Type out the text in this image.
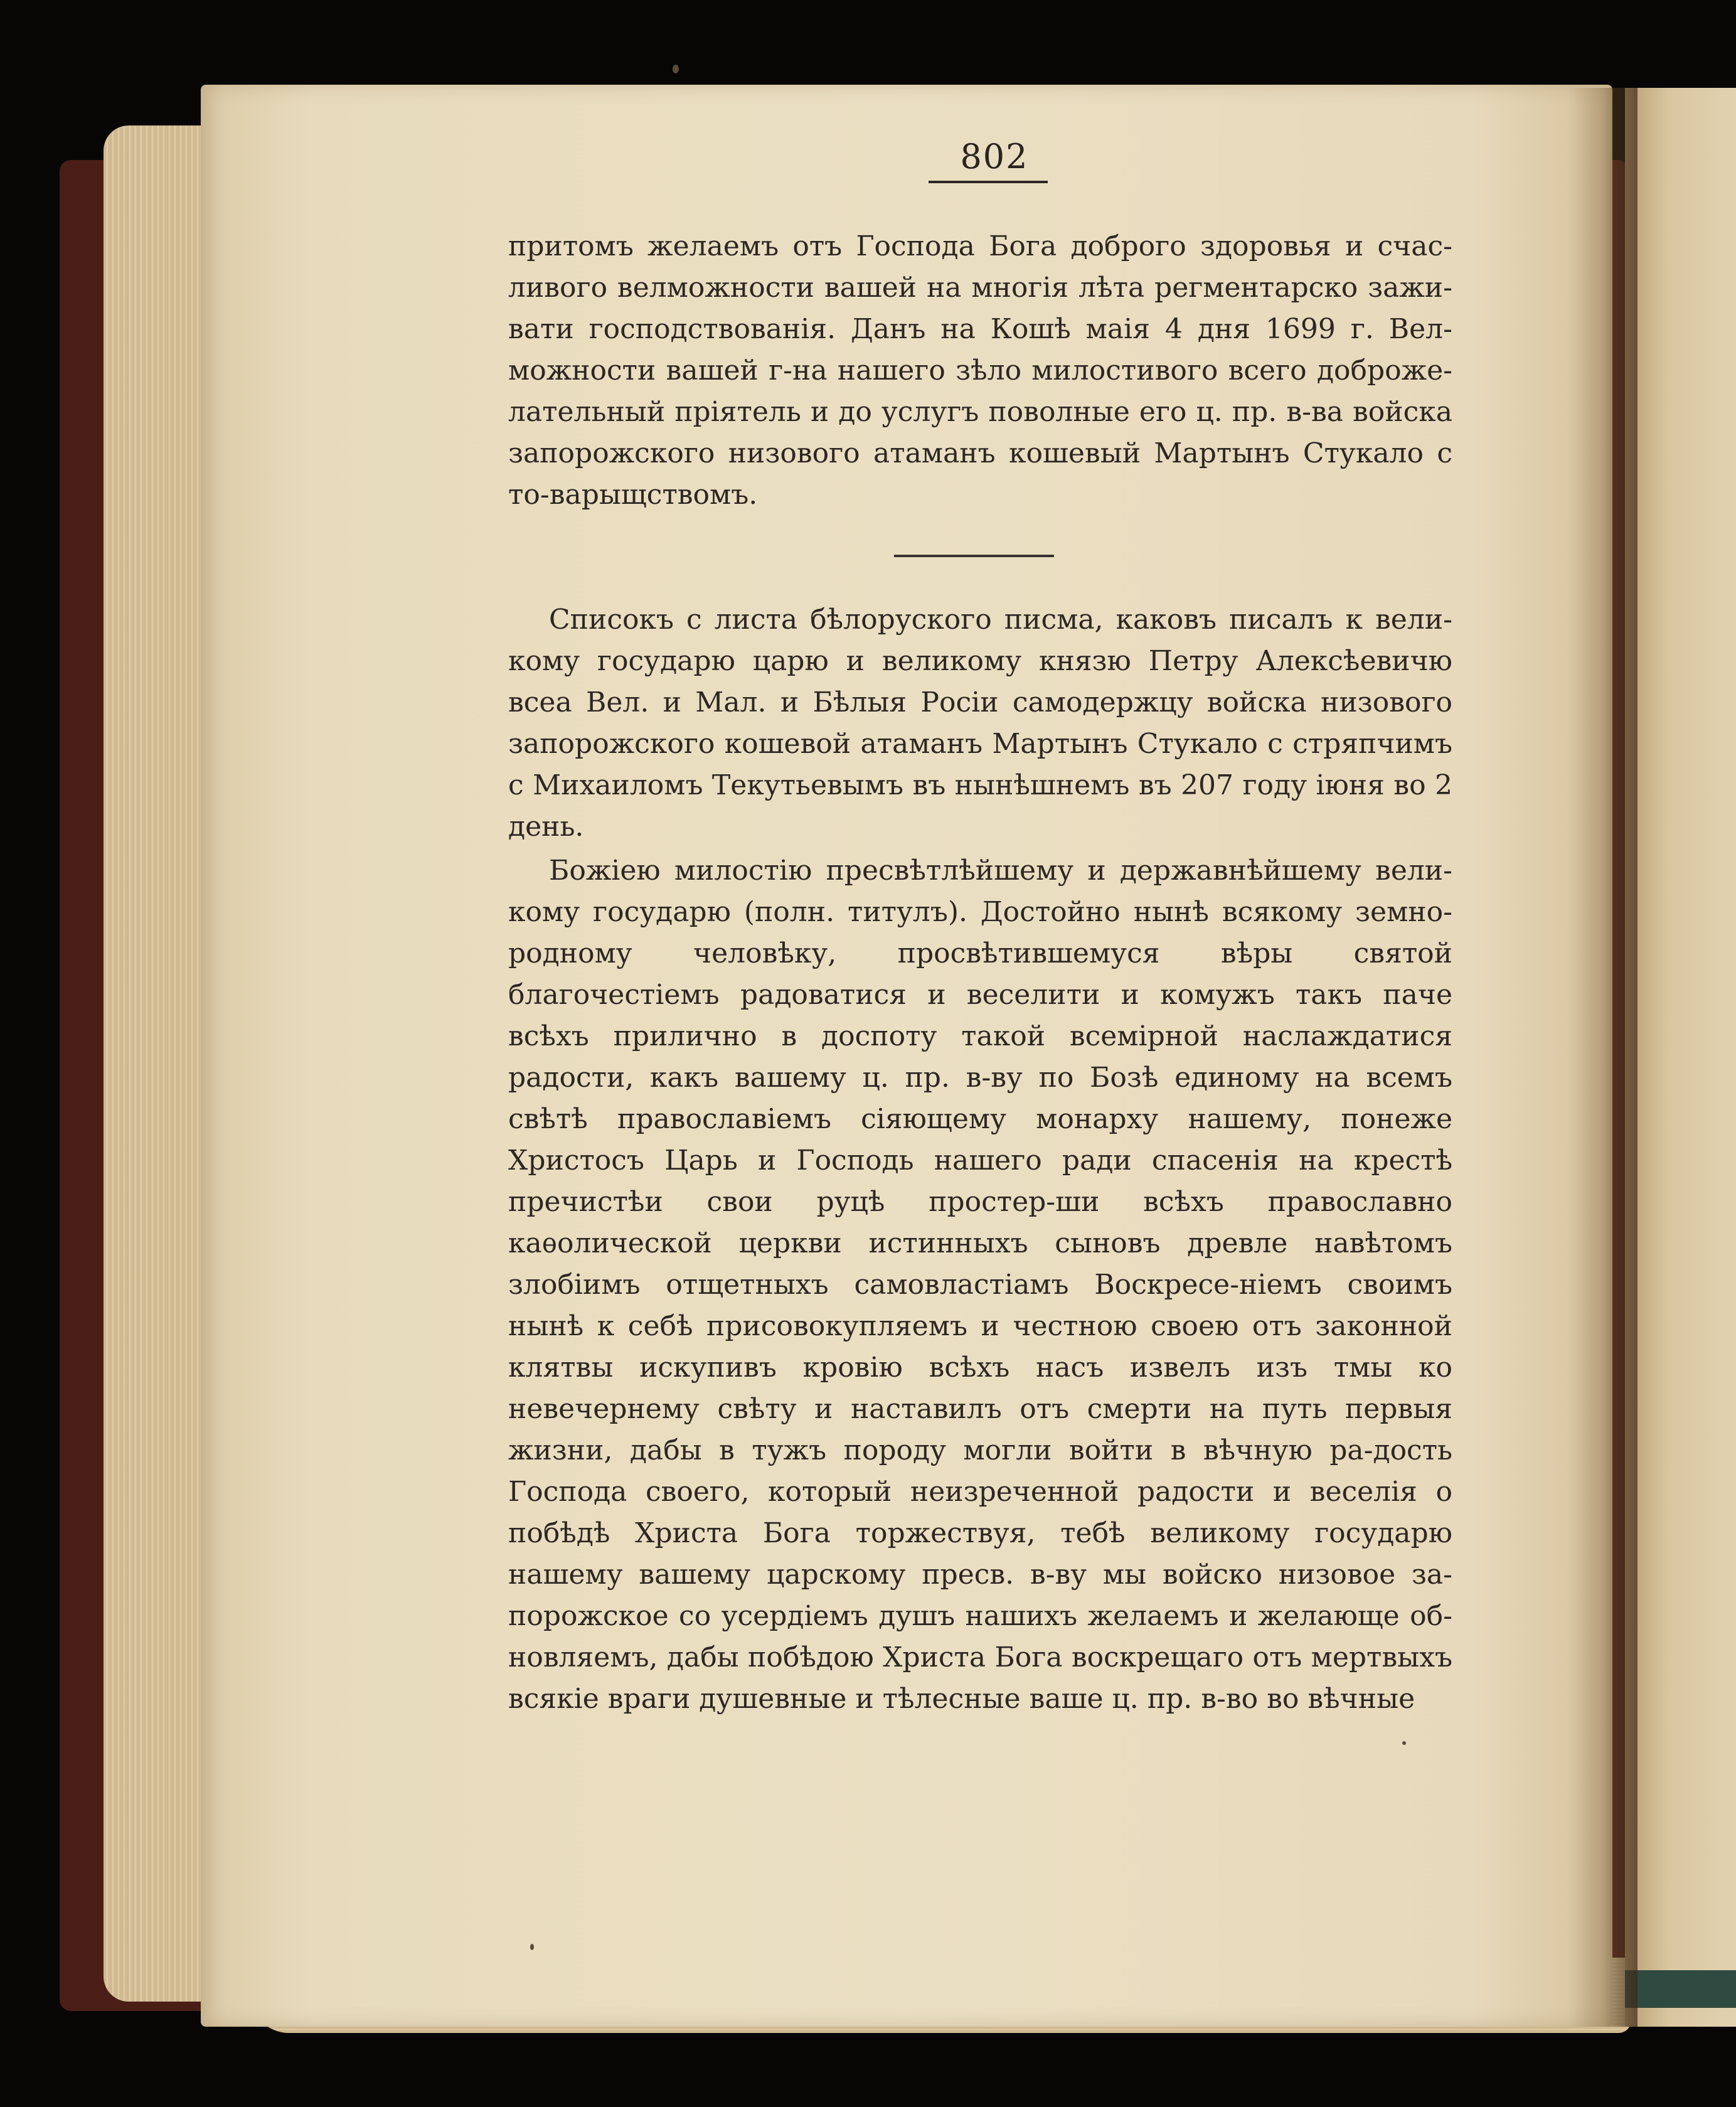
802

притомъ желаемъ отъ Господа Бога доброго здоровья и счас-ливого велможности вашей на многія лѣта регментарско зажи-вати господствованія. Данъ на Кошѣ маія 4 дня 1699 г. Вел-можности вашей г-на нашего зѣло милостивого всего доброже-лательный пріятель и до услугъ поволные его ц. пр. в-ва войска запорожского низового атаманъ кошевый Мартынъ Стукало с то-варыщствомъ.

Списокъ с листа бѣлоруского писма, каковъ писалъ к вели-кому государю царю и великому князю Петру Алексѣевичю всеа Вел. и Мал. и Бѣлыя Росіи самодержцу войска низового запорожского кошевой атаманъ Мартынъ Стукало с стряпчимъ с Михаиломъ Текутьевымъ въ нынѣшнемъ въ 207 году іюня во 2 день.

Божіею милостію пресвѣтлѣйшему и державнѣйшему вели-кому государю (полн. титулъ). Достойно нынѣ всякому земно-родному человѣку, просвѣтившемуся вѣры святой благочестіемъ радоватися и веселити и комужъ такъ паче всѣхъ прилично в доспоту такой всемірной наслаждатися радости, какъ вашему ц. пр. в-ву по Бозѣ единому на всемъ свѣтѣ православіемъ сіяющему монарху нашему, понеже Христосъ Царь и Господь нашего ради спасенія на крестѣ пречистѣи свои руцѣ простер-ши всѣхъ православно каѳолической церкви истинныхъ сыновъ древле навѣтомъ злобіимъ отщетныхъ самовластіамъ Воскресе-ніемъ своимъ нынѣ к себѣ присовокупляемъ и честною своею отъ законной клятвы искупивъ кровію всѣхъ насъ извелъ изъ тмы ко невечернему свѣту и наставилъ отъ смерти на путь первыя жизни, дабы в тужъ породу могли войти в вѣчную ра-дость Господа своего, который неизреченной радости и веселія о побѣдѣ Христа Бога торжествуя, тебѣ великому государю нашему вашему царскому пресв. в-ву мы войско низовое за-порожское со усердіемъ душъ нашихъ желаемъ и желающе об-новляемъ, дабы побѣдою Христа Бога воскрещаго отъ мертвыхъ всякіе враги душевные и тѣлесные ваше ц. пр. в-во во вѣчные
